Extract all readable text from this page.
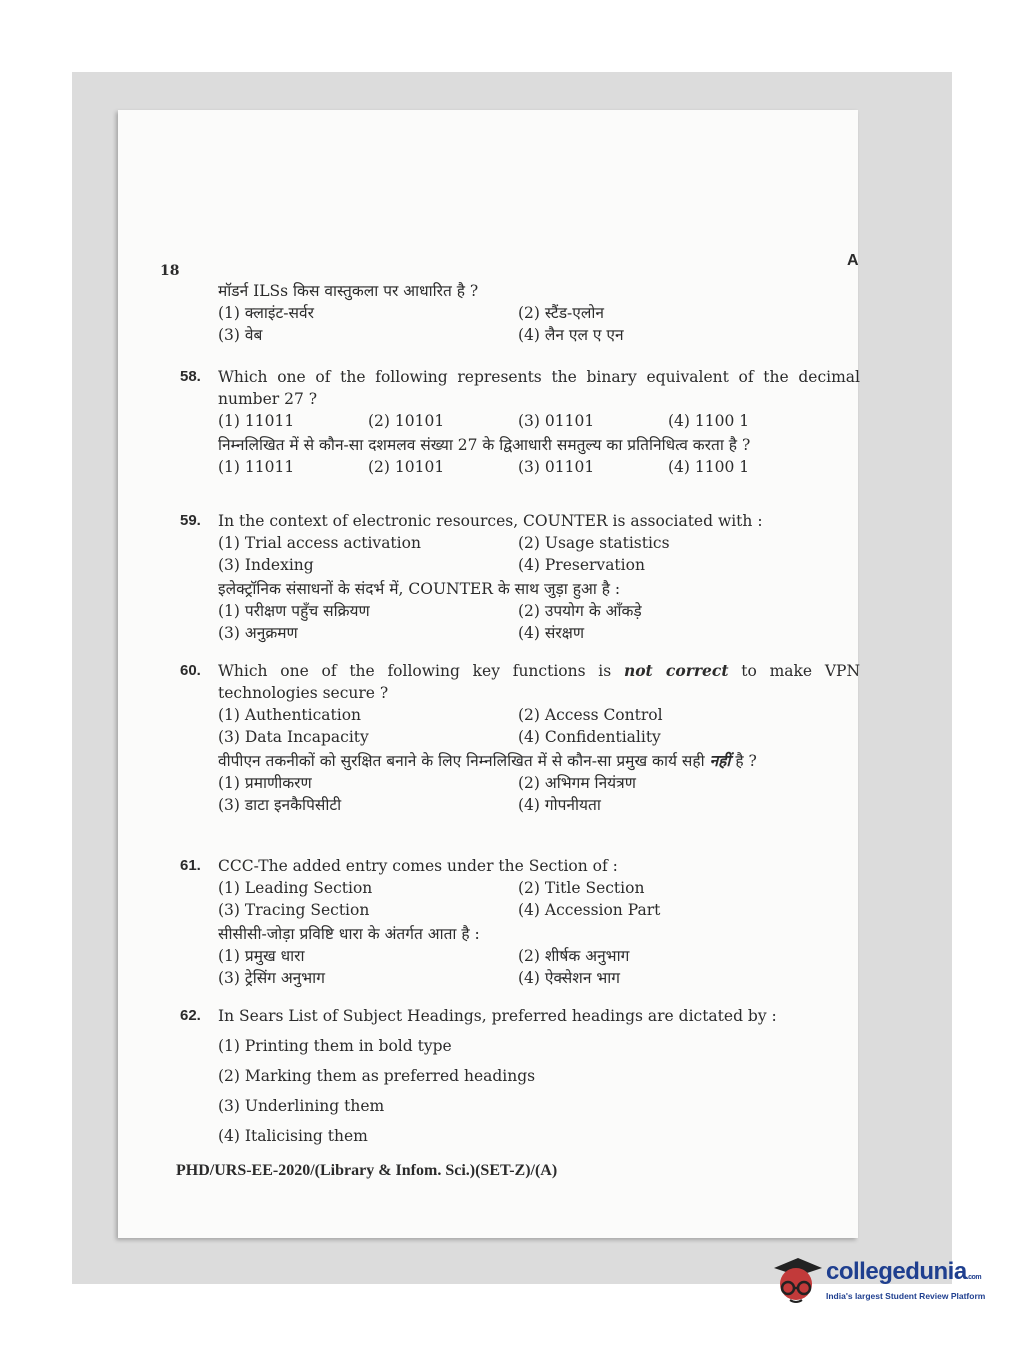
18
A
मॉडर्न ILSs किस वास्तुकला पर आधारित है ?
(1) क्लाइंट-सर्वर	(2) स्टैंड-एलोन
(3) वेब	(4) लैन एल ए एन
58. Which one of the following represents the binary equivalent of the decimal number 27 ?
(1) 11011	(2) 10101	(3) 01101	(4) 1100 1
निम्नलिखित में से कौन-सा दशमलव संख्या 27 के द्विआधारी समतुल्य का प्रतिनिधित्व करता है ?
(1) 11011	(2) 10101	(3) 01101	(4) 1100 1
59. In the context of electronic resources, COUNTER is associated with :
(1) Trial access activation	(2) Usage statistics
(3) Indexing	(4) Preservation
इलेक्ट्रॉनिक संसाधनों के संदर्भ में, COUNTER के साथ जुड़ा हुआ है :
(1) परीक्षण पहुँच सक्रियण	(2) उपयोग के आँकड़े
(3) अनुक्रमण	(4) संरक्षण
60. Which one of the following key functions is not correct to make VPN technologies secure ?
(1) Authentication	(2) Access Control
(3) Data Incapacity	(4) Confidentiality
वीपीएन तकनीकों को सुरक्षित बनाने के लिए निम्नलिखित में से कौन-सा प्रमुख कार्य सही नहीं है ?
(1) प्रमाणीकरण	(2) अभिगम नियंत्रण
(3) डाटा इनकैपिसीटी	(4) गोपनीयता
61. CCC-The added entry comes under the Section of :
(1) Leading Section	(2) Title Section
(3) Tracing Section	(4) Accession Part
सीसीसी-जोड़ा प्रविष्टि धारा के अंतर्गत आता है :
(1) प्रमुख धारा	(2) शीर्षक अनुभाग
(3) ट्रेसिंग अनुभाग	(4) ऐक्सेशन भाग
62. In Sears List of Subject Headings, preferred headings are dictated by :
(1) Printing them in bold type
(2) Marking them as preferred headings
(3) Underlining them
(4) Italicising them
PHD/URS-EE-2020/(Library & Infom. Sci.)(SET-Z)/(A)
collegedunia.com
India's largest Student Review Platform
